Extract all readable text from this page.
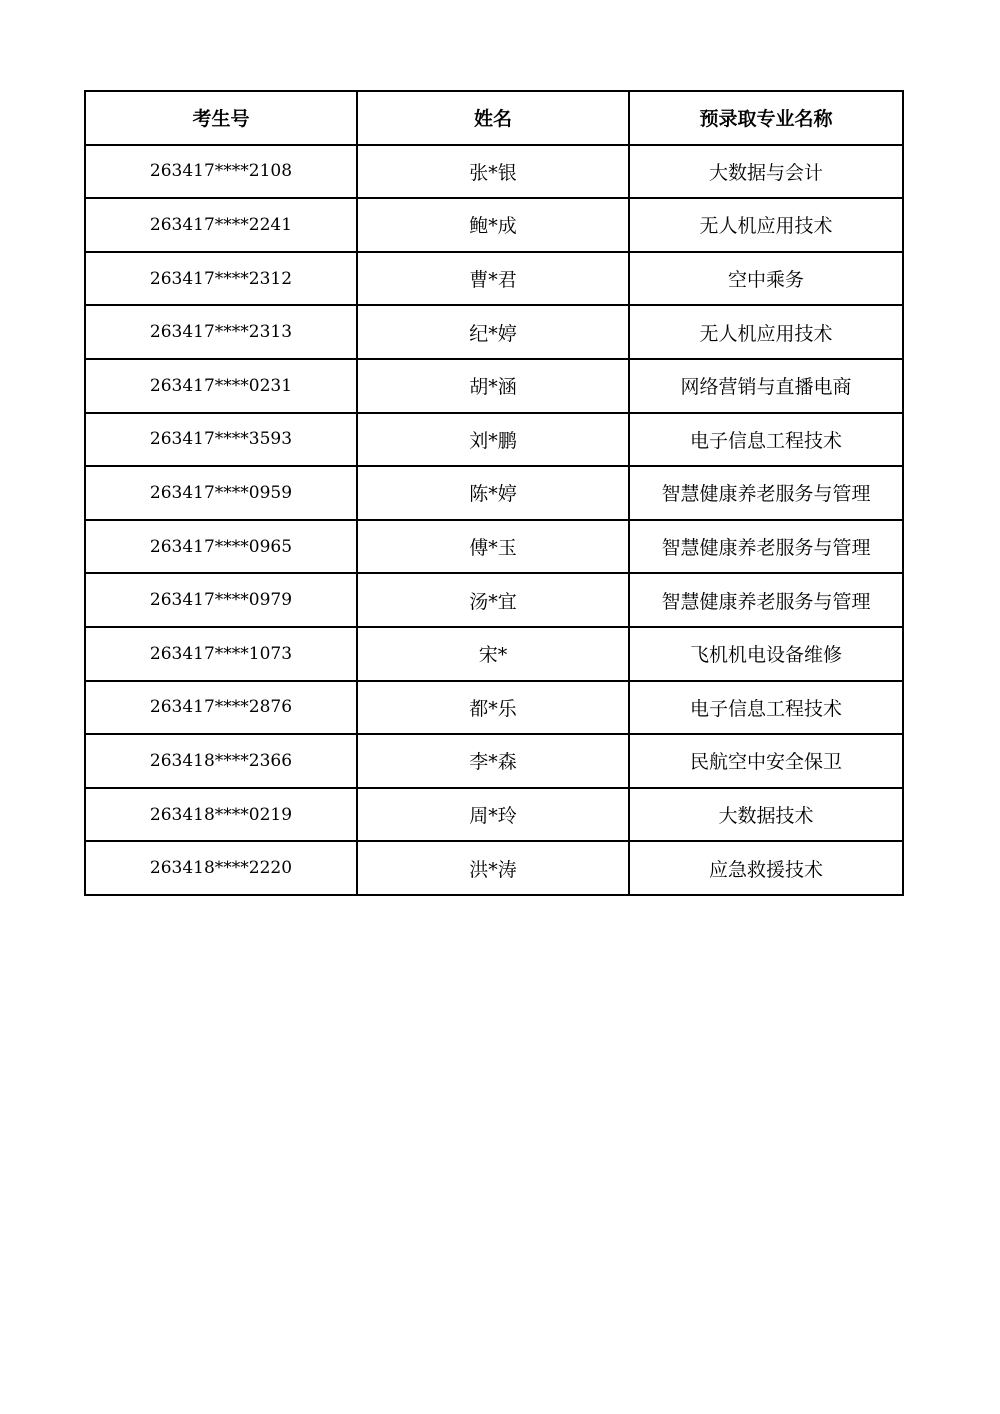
考生号	姓名	预录取专业名称
263417****2108	张*银	大数据与会计
263417****2241	鲍*成	无人机应用技术
263417****2312	曹*君	空中乘务
263417****2313	纪*婷	无人机应用技术
263417****0231	胡*涵	网络营销与直播电商
263417****3593	刘*鹏	电子信息工程技术
263417****0959	陈*婷	智慧健康养老服务与管理
263417****0965	傅*玉	智慧健康养老服务与管理
263417****0979	汤*宜	智慧健康养老服务与管理
263417****1073	宋*	飞机机电设备维修
263417****2876	都*乐	电子信息工程技术
263418****2366	李*森	民航空中安全保卫
263418****0219	周*玲	大数据技术
263418****2220	洪*涛	应急救援技术
